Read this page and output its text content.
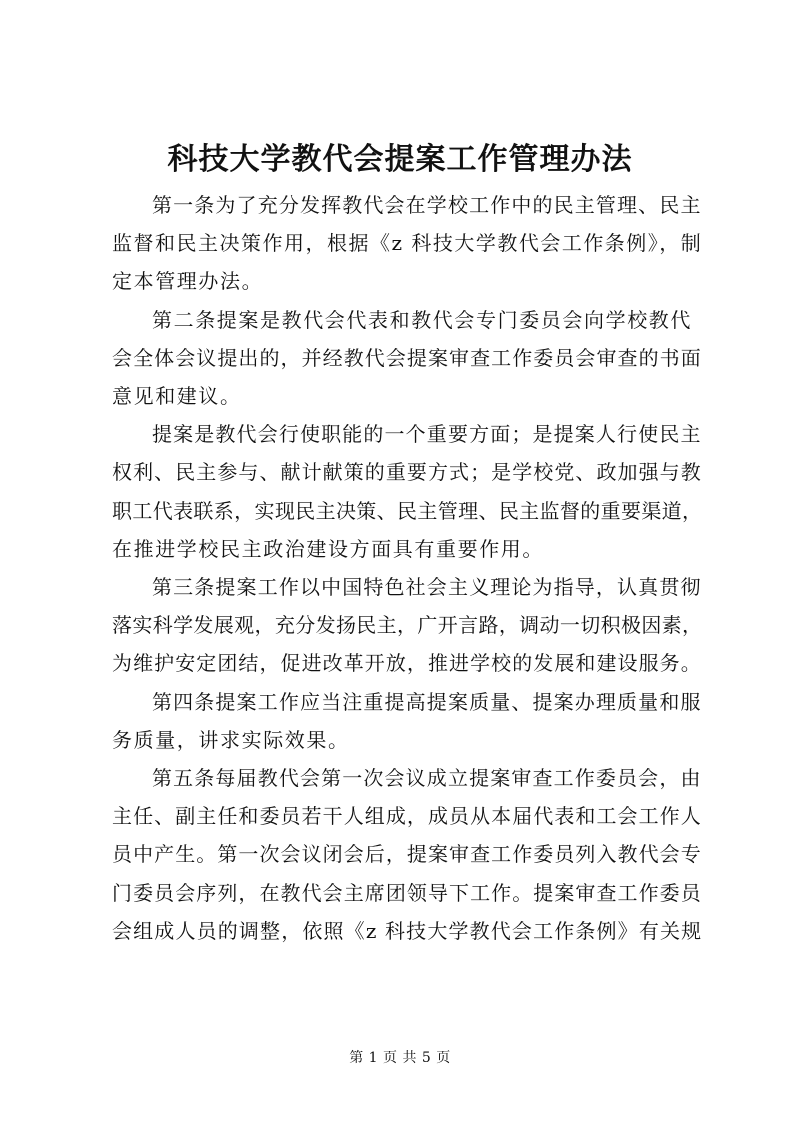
科技大学教代会提案工作管理办法

第一条为了充分发挥教代会在学校工作中的民主管理、民主
监督和民主决策作用，根据《z 科技大学教代会工作条例》，制
定本管理办法。

第二条提案是教代会代表和教代会专门委员会向学校教代
会全体会议提出的，并经教代会提案审查工作委员会审查的书面
意见和建议。

提案是教代会行使职能的一个重要方面；是提案人行使民主
权利、民主参与、献计献策的重要方式；是学校党、政加强与教
职工代表联系，实现民主决策、民主管理、民主监督的重要渠道，
在推进学校民主政治建设方面具有重要作用。

第三条提案工作以中国特色社会主义理论为指导，认真贯彻
落实科学发展观，充分发扬民主，广开言路，调动一切积极因素，
为维护安定团结，促进改革开放，推进学校的发展和建设服务。

第四条提案工作应当注重提高提案质量、提案办理质量和服
务质量，讲求实际效果。

第五条每届教代会第一次会议成立提案审查工作委员会，由
主任、副主任和委员若干人组成，成员从本届代表和工会工作人
员中产生。第一次会议闭会后，提案审查工作委员列入教代会专
门委员会序列，在教代会主席团领导下工作。提案审查工作委员
会组成人员的调整，依照《z 科技大学教代会工作条例》有关规

第 1 页 共 5 页
